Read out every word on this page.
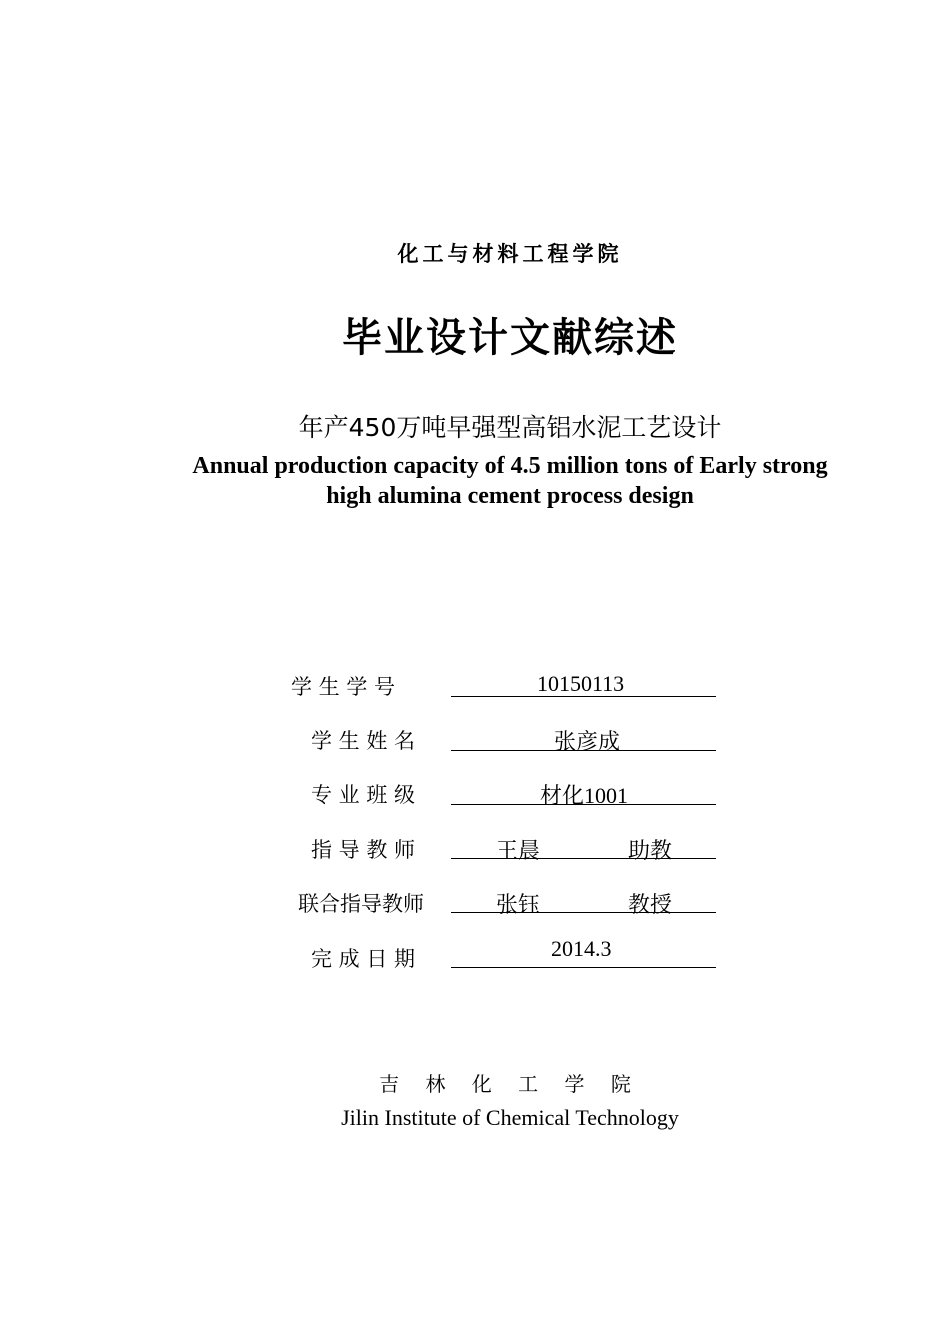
化工与材料工程学院
毕业设计文献综述
年产450万吨早强型高铝水泥工艺设计
Annual production capacity of 4.5 million tons of Early strong
high alumina cement process design
学 生 学 号	10150113
学 生 姓 名	张彦成
专 业 班 级	材化1001
指 导 教 师	王晨	助教
联合指导教师	张钰	教授
完 成 日 期	2014.3
吉 林 化 工 学 院
Jilin Institute of Chemical Technology
